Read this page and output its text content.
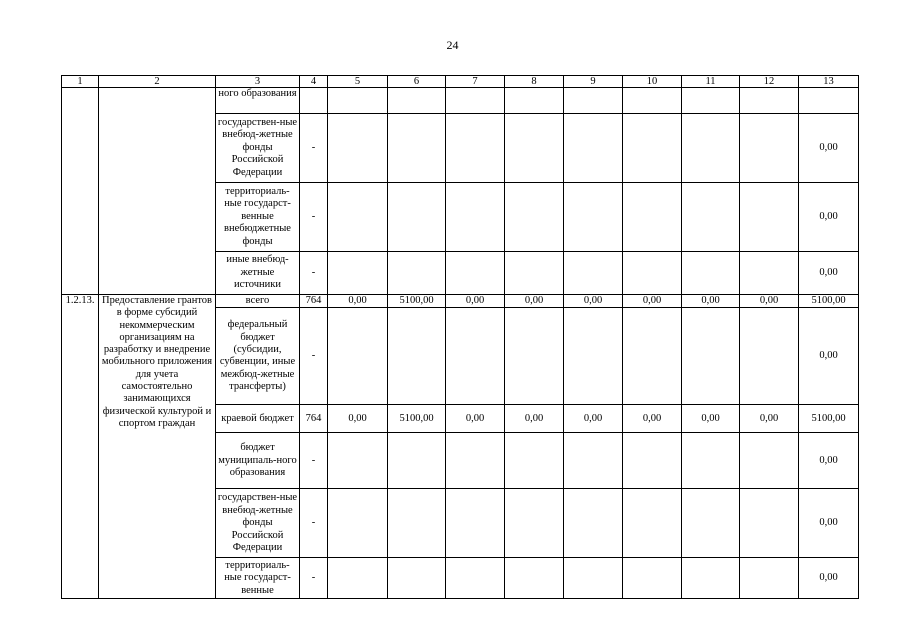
24
1	2	3	4	5	6	7	8	9	10	11	12	13
		ного образования										
		государствен-ные внебюд-жетные фонды Российской Федерации	-									0,00
		территориаль-ные государст-венные внебюджетные фонды	-									0,00
		иные внебюд-жетные источники	-									0,00
1.2.13.	Предоставление грантов в форме субсидий некоммерческим организациям на разработку и внедрение мобильного приложения для учета самостоятельно занимающихся физической культурой и спортом граждан	всего	764	0,00	5100,00	0,00	0,00	0,00	0,00	0,00	0,00	5100,00
		федеральный бюджет (субсидии, субвенции, иные межбюд-жетные трансферты)	-									0,00
		краевой бюджет	764	0,00	5100,00	0,00	0,00	0,00	0,00	0,00	0,00	5100,00
		бюджет муниципаль-ного образования	-									0,00
		государствен-ные внебюд-жетные фонды Российской Федерации	-									0,00
		территориаль-ные государст-венные	-									0,00
